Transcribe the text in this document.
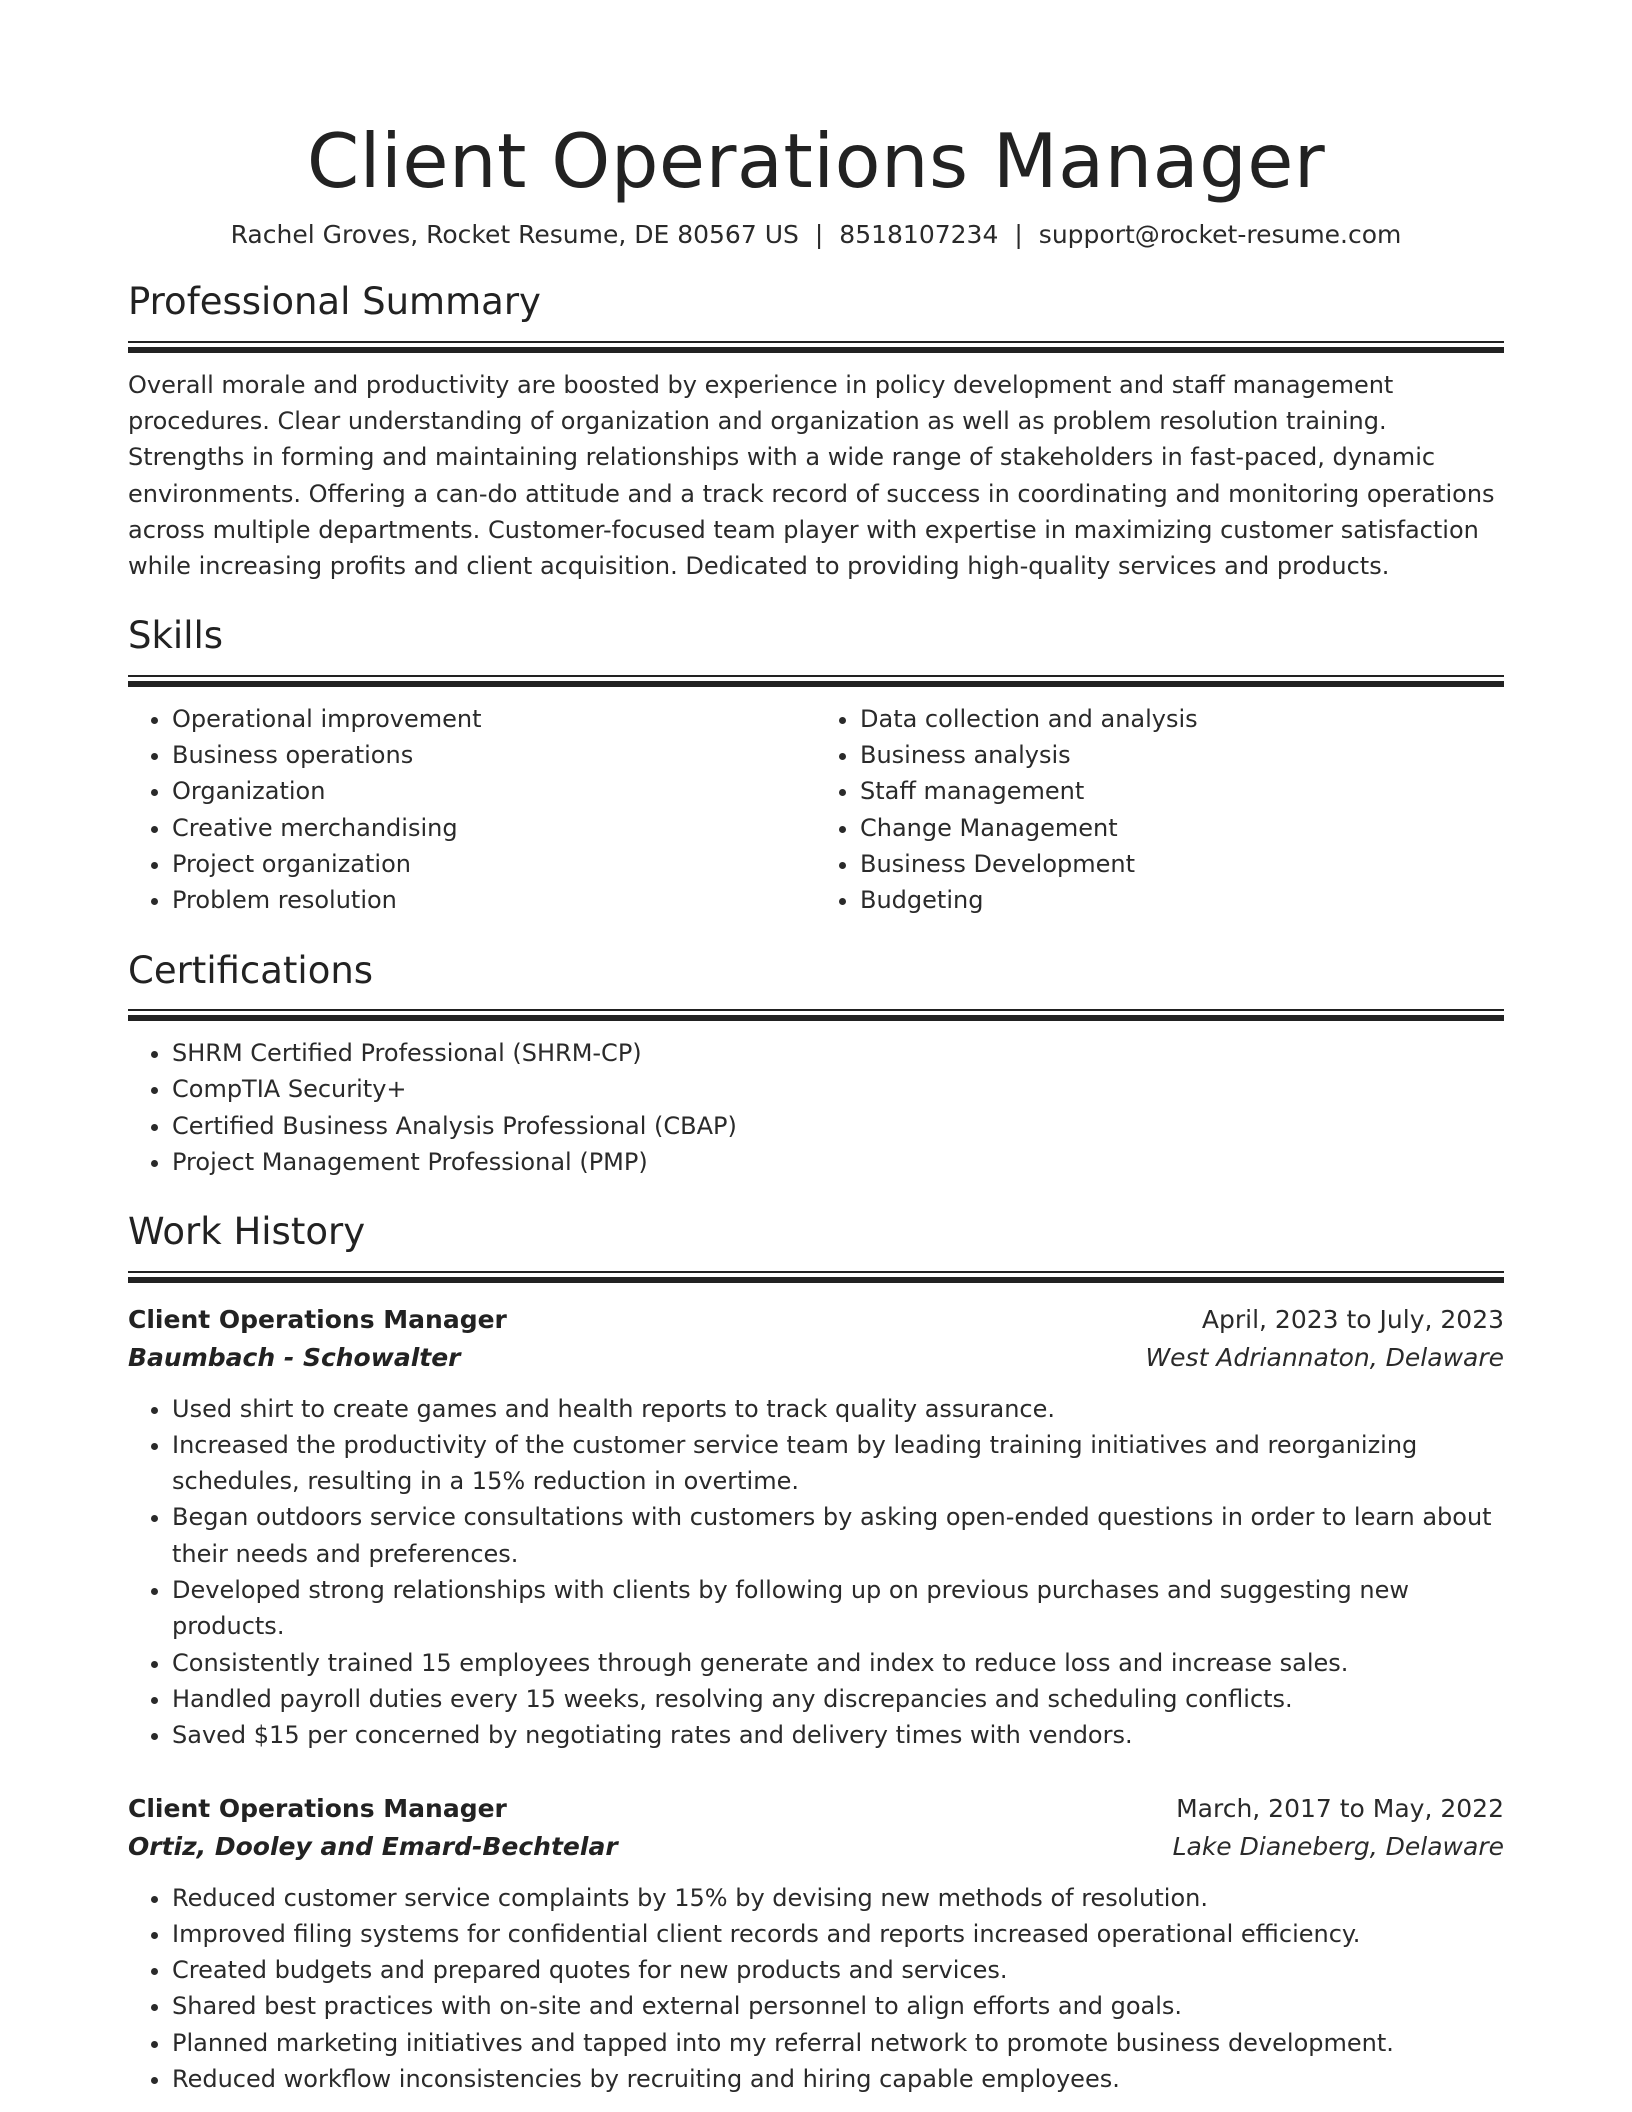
Client Operations Manager
Rachel Groves, Rocket Resume, DE 80567 US | 8518107234 | support@rocket-resume.com
Professional Summary

Overall morale and productivity are boosted by experience in policy development and staff management procedures. Clear understanding of organization and organization as well as problem resolution training. Strengths in forming and maintaining relationships with a wide range of stakeholders in fast-paced, dynamic environments. Offering a can-do attitude and a track record of success in coordinating and monitoring operations across multiple departments. Customer-focused team player with expertise in maximizing customer satisfaction while increasing profits and client acquisition. Dedicated to providing high-quality services and products.

Skills
• Operational improvement
• Business operations
• Organization
• Creative merchandising
• Project organization
• Problem resolution
• Data collection and analysis
• Business analysis
• Staff management
• Change Management
• Business Development
• Budgeting
Certifications
• SHRM Certified Professional (SHRM-CP)
• CompTIA Security+
• Certified Business Analysis Professional (CBAP)
• Project Management Professional (PMP)
Work History
Client Operations Manager	April, 2023 to July, 2023
Baumbach - Schowalter	West Adriannaton, Delaware
• Used shirt to create games and health reports to track quality assurance.
• Increased the productivity of the customer service team by leading training initiatives and reorganizing schedules, resulting in a 15% reduction in overtime.
• Began outdoors service consultations with customers by asking open-ended questions in order to learn about their needs and preferences.
• Developed strong relationships with clients by following up on previous purchases and suggesting new products.
• Consistently trained 15 employees through generate and index to reduce loss and increase sales.
• Handled payroll duties every 15 weeks, resolving any discrepancies and scheduling conflicts.
• Saved $15 per concerned by negotiating rates and delivery times with vendors.
Client Operations Manager	March, 2017 to May, 2022
Ortiz, Dooley and Emard-Bechtelar	Lake Dianeberg, Delaware
• Reduced customer service complaints by 15% by devising new methods of resolution.
• Improved filing systems for confidential client records and reports increased operational efficiency.
• Created budgets and prepared quotes for new products and services.
• Shared best practices with on-site and external personnel to align efforts and goals.
• Planned marketing initiatives and tapped into my referral network to promote business development.
• Reduced workflow inconsistencies by recruiting and hiring capable employees.
